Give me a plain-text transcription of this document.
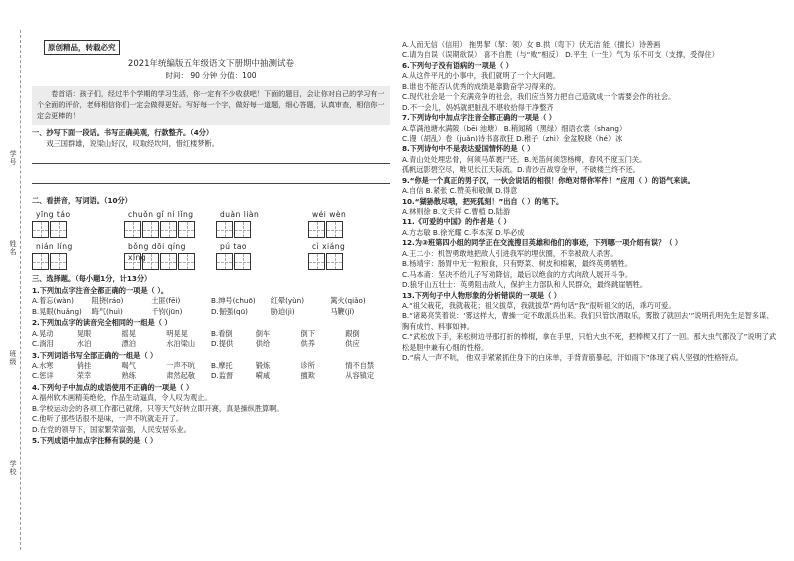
学号
姓名
班级
学校
原创精品，转载必究
2021年统编版五年级语文下册期中抽测试卷
时间： 90 分钟 分值：100
卷首语：孩子们，经过半个学期的学习生活，你一定有不少收获吧！下面的题目，会让你对自己的学习有一个全面的评价，老师相信你们一定会做得更好。写好每一个字，做好每一道题，细心答题，认真审查，相信你一定会更棒的！
一、抄写下面一段话。书写正确美观，行款整齐。（4分）
戏三国群雄，说梁山好汉，叹取经坎坷，惜红楼梦断。
二、看拼音，写词语。（10分）
yīng táo	chuǒn gǐ ní lǐng	duàn liàn	wéi wèn
nián líng	bǒng dōi qíng xǐng
pú tao	cì xiáng
三、选择题。（每小题1分，计13分）
1.下列加点字注音全都正确的一项是（ ）。
A.着忘(wàn)	阻挠(ráo)	土匪(fēi)	B.绅号(chuō)	红晕(yùn)	篱火(qiǎo)
B.晃眼(huǎng)	晦气(huì)	千钧(jūn)	D.倔强(qū)	胁迫(jì)	马鞭(jǐ)
2.下列加点字的读音完全相同的一组是（ ）
A.晃动	晃眼	摇晃	明晃晃	B.看倒	倒车	倒下	跟倒
C.淌泪	水泊	漂泊	水泊梁山	D.提供	供给	供养	供应
3.下列词语书写全部正确的一组是（ ）
A.水寒	俏挂	喝气	一声不吭	B.摩托	锻炼	诊所	情不自禁
C.惩详	荣幸	熟练	肃然起敬	D.监督	嗬咸	擅欺	从容镇定
4.下列句子中加点的成语使用不正确的一项是（ ）
A.福州软木画精美绝伦，作品生动逼真，令人叹为观止。
B.学校运动会的各项工作都已就绪，只等天气好转立即开赛，真是操纵胜算啊。
C.他听了那些话很不是味，一声不吭就走开了。
D.在党的领导下，国家繁荣富强，人民安居乐业。
5.下列成语中加点字注释有误的是（ ）
A.人而无信（信用） 拖男挈（挈：领）女 B.拱（弯下）伏无洁 能（擅长）诗善画
C.请为自误（误期欲误） 喜不自胜（与“败”相反） D.平生（一生）气为 乐不可支（支撑，受得住）
6.下列句子没有语病的一项是（ ）
A.从这件平凡的小事中，我们就明了一个大问题。
B.谁也不能否认优秀的成绩是靠勤奋学习得来的。
C.现代社会是一个充满竞争的社会，我们应当努力把自己造就成一个需要会作的社会。
D.不一会儿，妈妈就把脏乱不堪收拾得干净整齐
7.下列诗句中加点字注音全都正确的一项是（ ）
A.草满池塘水满陂（bēi 池塘） B.稍闻稀（黑绿）细语衣裳（shang）
C.谩（胡乱）卷（juǎn)诗书喜欲狂 D.稚子（zhì）金盆脱晓（hé）冰
8.下列诗句中不是表达爱国情怀的是（ ）
A.青山处处埋忠骨，何须马革裹尸还。B.羌笛何须怨杨柳，春风不度玉门关。
孤帆远影碧空尽，唯见长江天际流。D.青沙百战穿金甲，不破楼兰终不还。
9.“你是一个真正的男子汉，一伙会说话的相很！你绝对帮你军件！”应用（ ）的语气来读。
A.自信 B.紧张 C.赞美和敬佩 D.得意
10.“猢狲散尽哦，把死狐刻！”出自（ ）的笔下。
A.林则徐 B.文天祥 C.曹植 D.陆游
11.《可爱的中国》的作者是（ ）
A.方志敏 B.徐光耀 C.李本深 D.毕必成
12.为③班第四小组的同学正在交流搜目英雄和他们的事迹，下列哪一项介绍有误？（ ）
A.王二小：机智勇敢地把敌人引进我军的埋伏圈，不幸被敌人杀害。
B.杨靖宇：肠胃中无一粒粮食，只有野菜、树皮和棉絮，最终英勇牺牲。
C.马本斋：坚决不给儿子写劝降信，最后以绝食的方式向敌人展开斗争。
D.狼牙山五壮士：英勇阻击敌人，保护主力部队和人民群众，最终跳崖牺牲。
13.下列句子中人物形象的分析错误的一项是（ ）
A.“祖父栽花，我就栽花；祖父拔草，我就拔草”两句话“我”很听祖父的话，乖巧可爱。
B.“诸葛亮笑着说：‘雾这样大，曹操一定不敢派兵出来。我们只管饮酒取乐，雾散了就回去’”说明孔明先生足智多谋、胸有成竹、料事如神。
C.“武松放下手，来松树边寻那打折的棒棍，拿在手里，只怕大虫不死，把棒楔又打了一回。那大虫气都没了”说明了武松是胆中兼有心细的性格。
D.“病人一声不吭， 他双手紧紧抓住身下的白床单，手背青筋暴起，汗如雨下”体现了病人坚强的性格特点。
